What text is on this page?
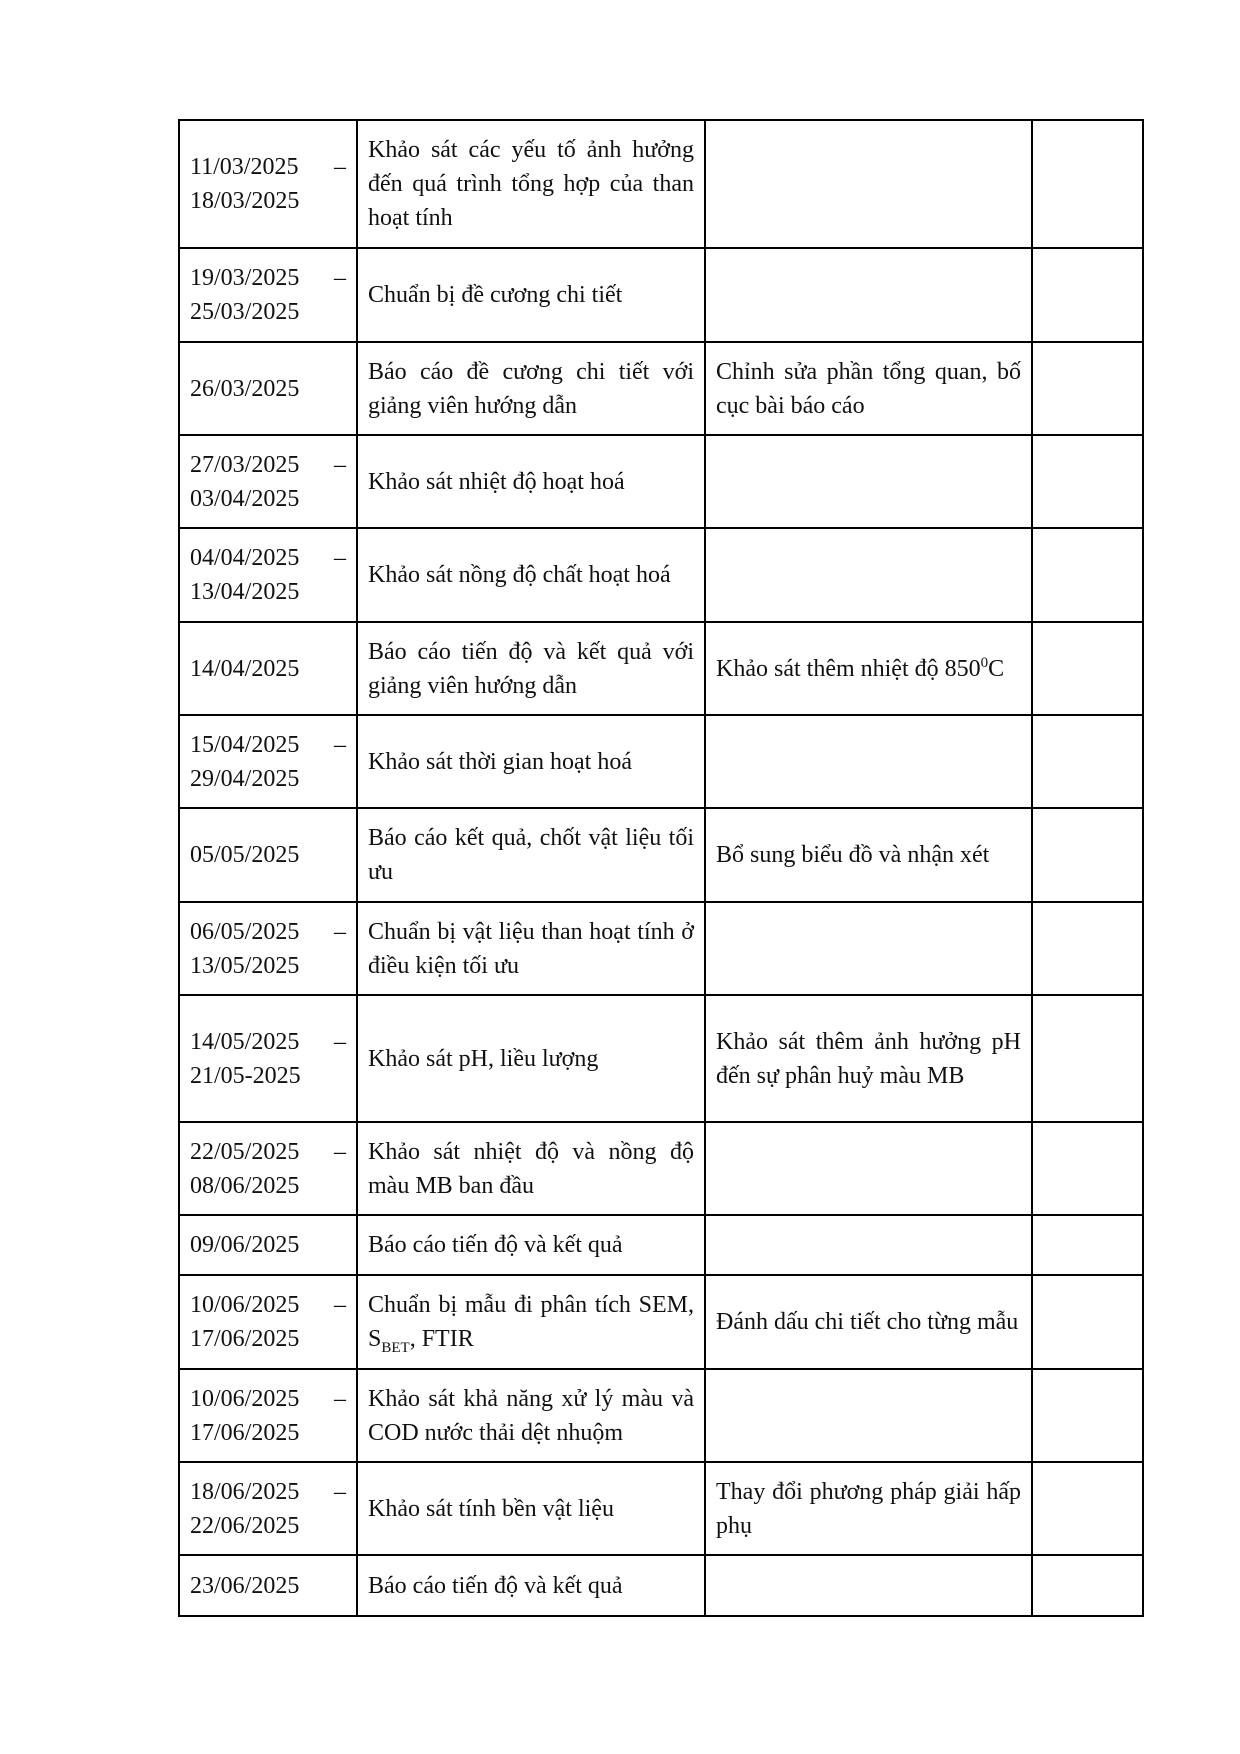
11/03/2025 –
18/03/2025	Khảo sát các yếu tố ảnh hưởng đến quá trình tổng hợp của than hoạt tính		

19/03/2025 –
25/03/2025	Chuẩn bị đề cương chi tiết		

26/03/2025	Báo cáo đề cương chi tiết với giảng viên hướng dẫn	Chỉnh sửa phần tổng quan, bố cục bài báo cáo	

27/03/2025 –
03/04/2025	Khảo sát nhiệt độ hoạt hoá		

04/04/2025 –
13/04/2025	Khảo sát nồng độ chất hoạt hoá		

14/04/2025	Báo cáo tiến độ và kết quả với giảng viên hướng dẫn	Khảo sát thêm nhiệt độ $850^0C$	

15/04/2025 –
29/04/2025	Khảo sát thời gian hoạt hoá		

05/05/2025	Báo cáo kết quả, chốt vật liệu tối ưu	Bổ sung biểu đồ và nhận xét	

06/05/2025 –
13/05/2025	Chuẩn bị vật liệu than hoạt tính ở điều kiện tối ưu		

14/05/2025 –
21/05-2025	Khảo sát pH, liều lượng	Khảo sát thêm ảnh hưởng pH đến sự phân huỷ màu MB	

22/05/2025 –
08/06/2025	Khảo sát nhiệt độ và nồng độ màu MB ban đầu		

09/06/2025	Báo cáo tiến độ và kết quả		

10/06/2025 –
17/06/2025	Chuẩn bị mẫu đi phân tích SEM, $S_{BET}$, FTIR	Đánh dấu chi tiết cho từng mẫu	

10/06/2025 –
17/06/2025	Khảo sát khả năng xử lý màu và COD nước thải dệt nhuộm		

18/06/2025 –
22/06/2025	Khảo sát tính bền vật liệu	Thay đổi phương pháp giải hấp phụ	

23/06/2025	Báo cáo tiến độ và kết quả		
